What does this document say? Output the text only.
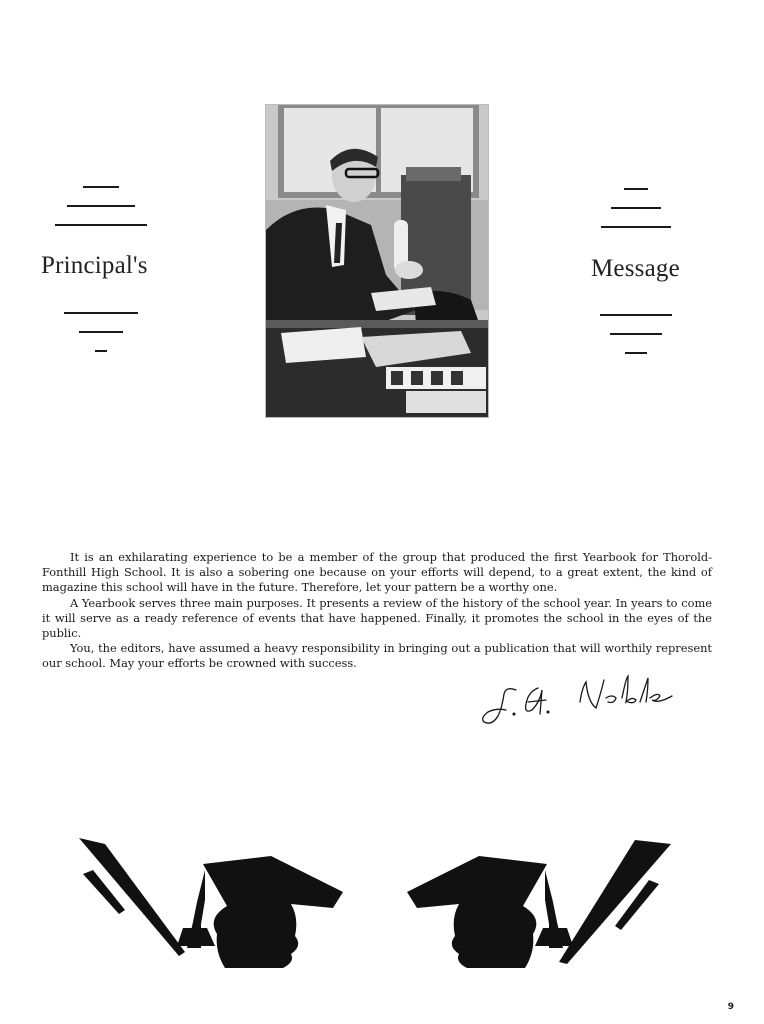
Principal's	Message

It is an exhilarating experience to be a member of the group that produced the first Yearbook for Thorold-Fonthill High School. It is also a sobering one because on your efforts will depend, to a great extent, the kind of magazine this school will have in the future. Therefore, let your pattern be a worthy one.

A Yearbook serves three main purposes. It presents a review of the history of the school year. In years to come it will serve as a ready reference of events that have happened. Finally, it promotes the school in the eyes of the public.

You, the editors, have assumed a heavy responsibility in bringing out a publication that will worthily represent our school. May your efforts be crowned with success.

9
